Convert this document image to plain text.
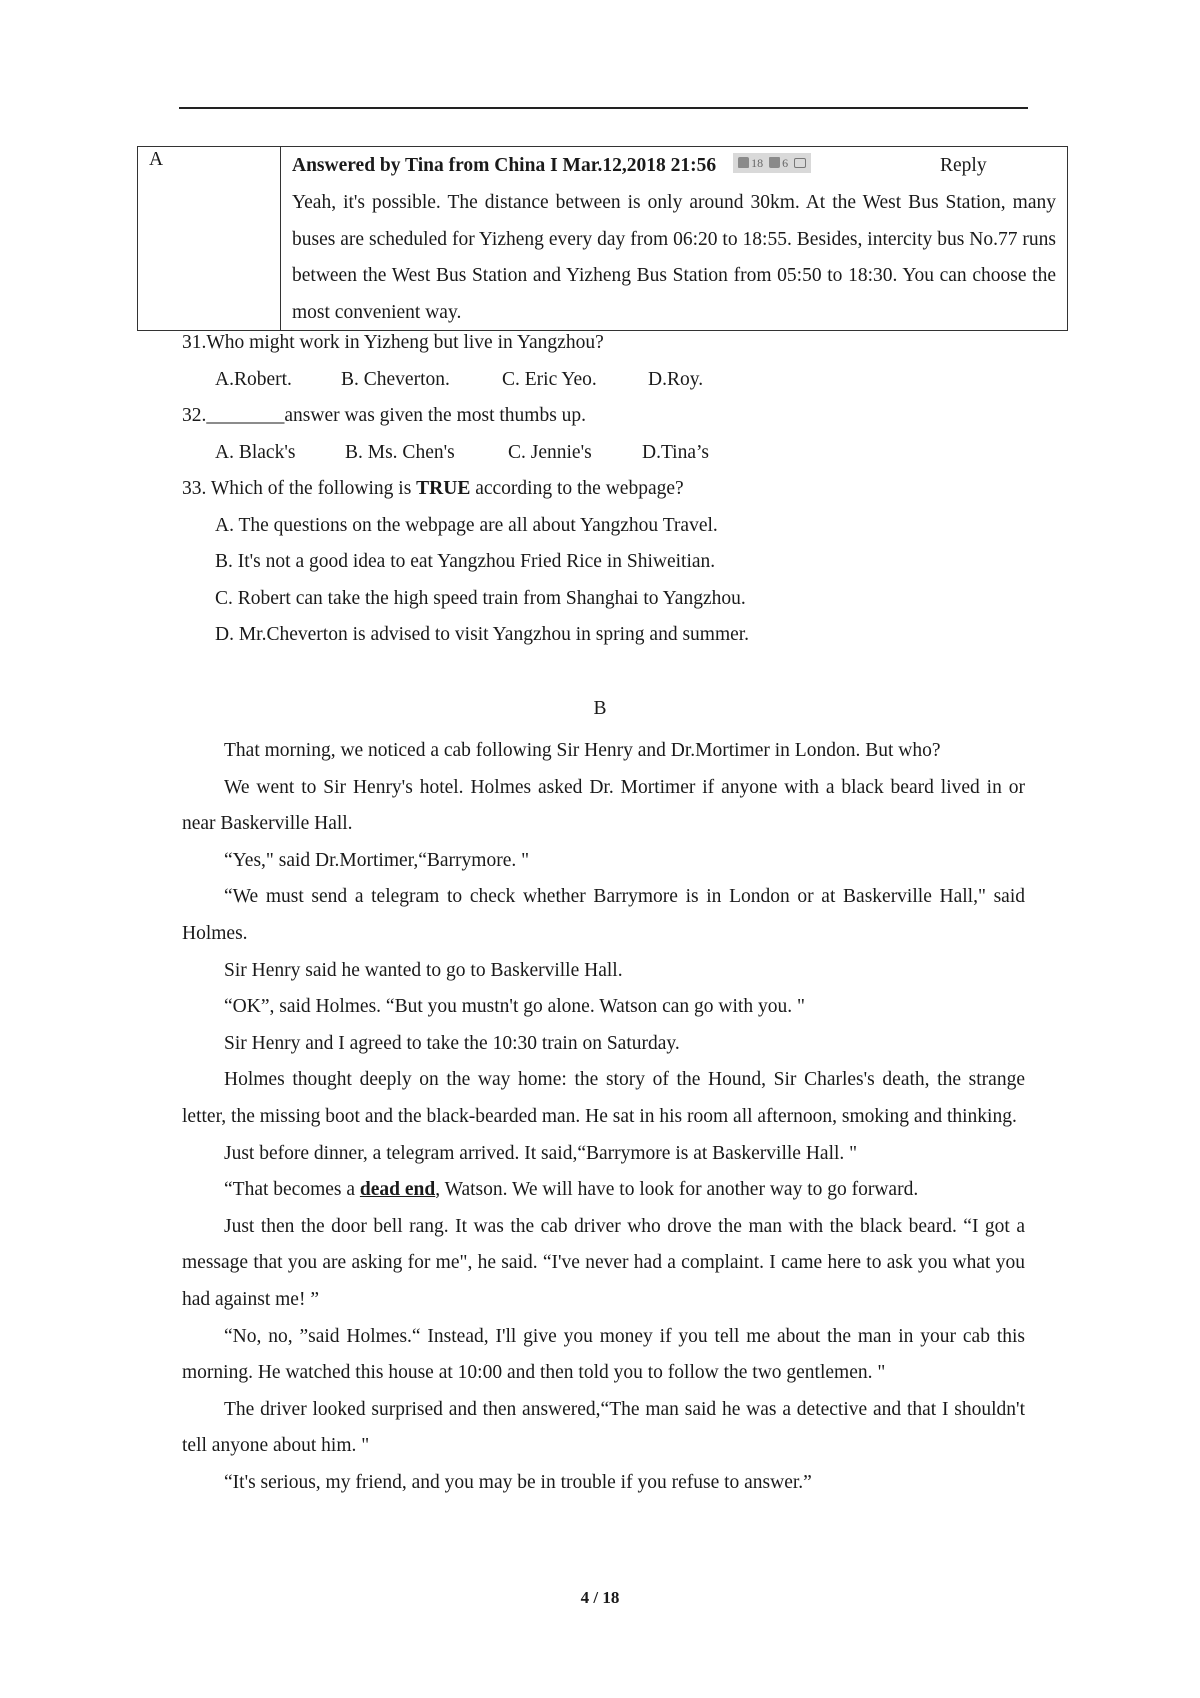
A	Answered by Tina from China I Mar.12,2018 21:56	18 6	Reply
Yeah, it's possible. The distance between is only around 30km. At the West Bus Station, many buses are scheduled for Yizheng every day from 06:20 to 18:55. Besides, intercity bus No.77 runs between the West Bus Station and Yizheng Bus Station from 05:50 to 18:30. You can choose the most convenient way.
31.Who might work in Yizheng but live in Yangzhou?
A.Robert.	B. Cheverton.	C. Eric Yeo.	D.Roy.
32.________answer was given the most thumbs up.
A. Black's	B. Ms. Chen's	C. Jennie's	D.Tina’s
33. Which of the following is TRUE according to the webpage?
A. The questions on the webpage are all about Yangzhou Travel.
B. It's not a good idea to eat Yangzhou Fried Rice in Shiweitian.
C. Robert can take the high speed train from Shanghai to Yangzhou.
D. Mr.Cheverton is advised to visit Yangzhou in spring and summer.
B

That morning, we noticed a cab following Sir Henry and Dr.Mortimer in London. But who?

We went to Sir Henry's hotel. Holmes asked Dr. Mortimer if anyone with a black beard lived in or near Baskerville Hall.

“Yes," said Dr.Mortimer,“Barrymore. "

“We must send a telegram to check whether Barrymore is in London or at Baskerville Hall," said Holmes.

Sir Henry said he wanted to go to Baskerville Hall.

“OK”, said Holmes. “But you mustn't go alone. Watson can go with you. "

Sir Henry and I agreed to take the 10:30 train on Saturday.

Holmes thought deeply on the way home: the story of the Hound, Sir Charles's death, the strange letter, the missing boot and the black-bearded man. He sat in his room all afternoon, smoking and thinking.

Just before dinner, a telegram arrived. It said,“Barrymore is at Baskerville Hall. "

“That becomes a dead end, Watson. We will have to look for another way to go forward.

Just then the door bell rang. It was the cab driver who drove the man with the black beard. “I got a message that you are asking for me", he said. “I've never had a complaint. I came here to ask you what you had against me! ”

“No, no, ”said Holmes.“ Instead, I'll give you money if you tell me about the man in your cab this morning. He watched this house at 10:00 and then told you to follow the two gentlemen. "

The driver looked surprised and then answered,“The man said he was a detective and that I shouldn't tell anyone about him. "

“It's serious, my friend, and you may be in trouble if you refuse to answer.”

4 / 18
